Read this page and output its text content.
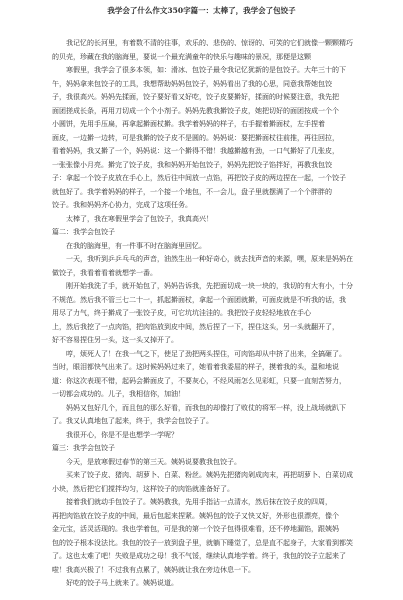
我学会了什么作文350字篇一：太棒了，我学会了包饺子
我记忆的长河里，有着数不清的往事，欢乐的、悲伤的、惊讶的、可笑的它们就像一颗颗精巧
的贝壳，珍藏在我的脑海里，要说一个最充满童年的快乐与趣味的景况，那便是这颗
寒假里，我学会了很多本领，如：滑冰、包饺子最令我记忆犹新的是包饺子。大年三十的下
午，妈妈拿来包饺子的工具，我想帮助妈妈包饺子，妈妈看出了我的心思，同意我帮她包饺
子，我很高兴。妈妈先揉面，饺子要好看又好吃，饺子皮要擀好，揉面的时候要注意，我先把
面团搓成长条，再用刀切成一个个小剂子。妈妈先教我擀饺子皮，她把切好的面团按成一个个
小圆饼，先用手压扁，再拿起擀面杖擀。我学着妈妈的样子，右手握着擀面杖，左手捏着
面皮，一边擀一边转，可是我擀的饺子皮不是圆的。妈妈说：要把擀面杖往前推，再往回拉，
看着妈妈，我又擀了一个，妈妈说：这一个擀得不错！我越擀越有劲，一口气擀好了几张皮，
一张张像小月亮。擀完了饺子皮，我和妈妈开始包饺子，妈妈先把饺子馅拌好，再教我包饺
子：拿起一个饺子皮放在手心上，然后往中间放一点馅，再把饺子皮的两边捏在一起，一个饺子
就包好了。我学着妈妈的样子，一个接一个地包，不一会儿，盘子里就摆满了一个个胖胖的
饺子。我和妈妈齐心协力，完成了这项任务。
太棒了，我在寒假里学会了包饺子，我真高兴！
篇二：我学会包饺子
在我的脑海里，有一件事不时在脑海里回忆。
一天，我听到乒乒乓乓的声音，油然生出一种好奇心，就去找声音的来源，嘿，原来是妈妈在
做饺子，我看着看着就想学一番。
刚开始我洗了手，就开始包了，妈妈告诉我，先把面切成一块一块的，我切的有大有小，十分
不规范。然后我不管三七二十一，抓起擀面杖，拿起一个面团就擀，可面皮就是不听我的话，我
用尽了力气，终于擀成了一张饺子皮，可它坑坑洼洼的。我把饺子皮轻轻地放在手心
上，然后我挖了一点肉馅，把肉馅放到皮中间，然后捏了一下，捏住这头，另一头就翻开了，
好不容易捏住另一头，这一头又掉开了。
哼，烦死人了！在我一气之下，使足了劲把两头捏住，可肉馅却从中挤了出来，全搞砸了。
当时，眼泪都快气出来了。这时候妈妈过来了，她看着我委屈的样子，摸着我的头，温和地说
道：你这次表现不错，起码会擀面皮了，不要灰心，不经风雨怎么见彩虹，只要一直刻苦努力，
一切都会成功的。儿子，我相信你，加油！
妈妈又包好几个，而且包的那么好看，而我包的却像打了败仗的将军一样，没上战场就趴下
了。我又认真地包了起来，终于，我学会包饺子了。
我很开心，你是不是也想学一学呢？
篇三：我学会包饺子
今天，是放寒假过春节的第三天。姨妈说要教我包饺子。
买来了饺子皮、猪肉、胡萝卜、白菜、粉丝。姨妈先把猪肉剁成肉末，再把胡萝卜、白菜切成
小块，然后把它们搅拌均匀，这样饺子的肉馅就准备好了。
接着我们就动手包饺子了。姨妈教我，先用手指沾一点清水，然后抹在饺子皮的四周，
再把肉馅放在饺子皮的中间，最后包起来捏紧。姨妈包的饺子又快又好，外形也很漂亮，像个
金元宝，活灵活现的。我也学着包，可是我的第一个饺子包得很难看，还不停地漏馅，跟姨妈
包的饺子根本没法比。我包的饺子一放到盘子里，就躺下睡觉了，总是直不起身子，大家看到都笑
了。这也太难了吧！失败是成功之母！我不气馁，继续认真地学着。终于，我包的饺子立起来了
啦！我高兴极了！不过我有点累了，姨妈就让我在旁边休息一下。
好吃的饺子马上就来了。姨妈说道。
